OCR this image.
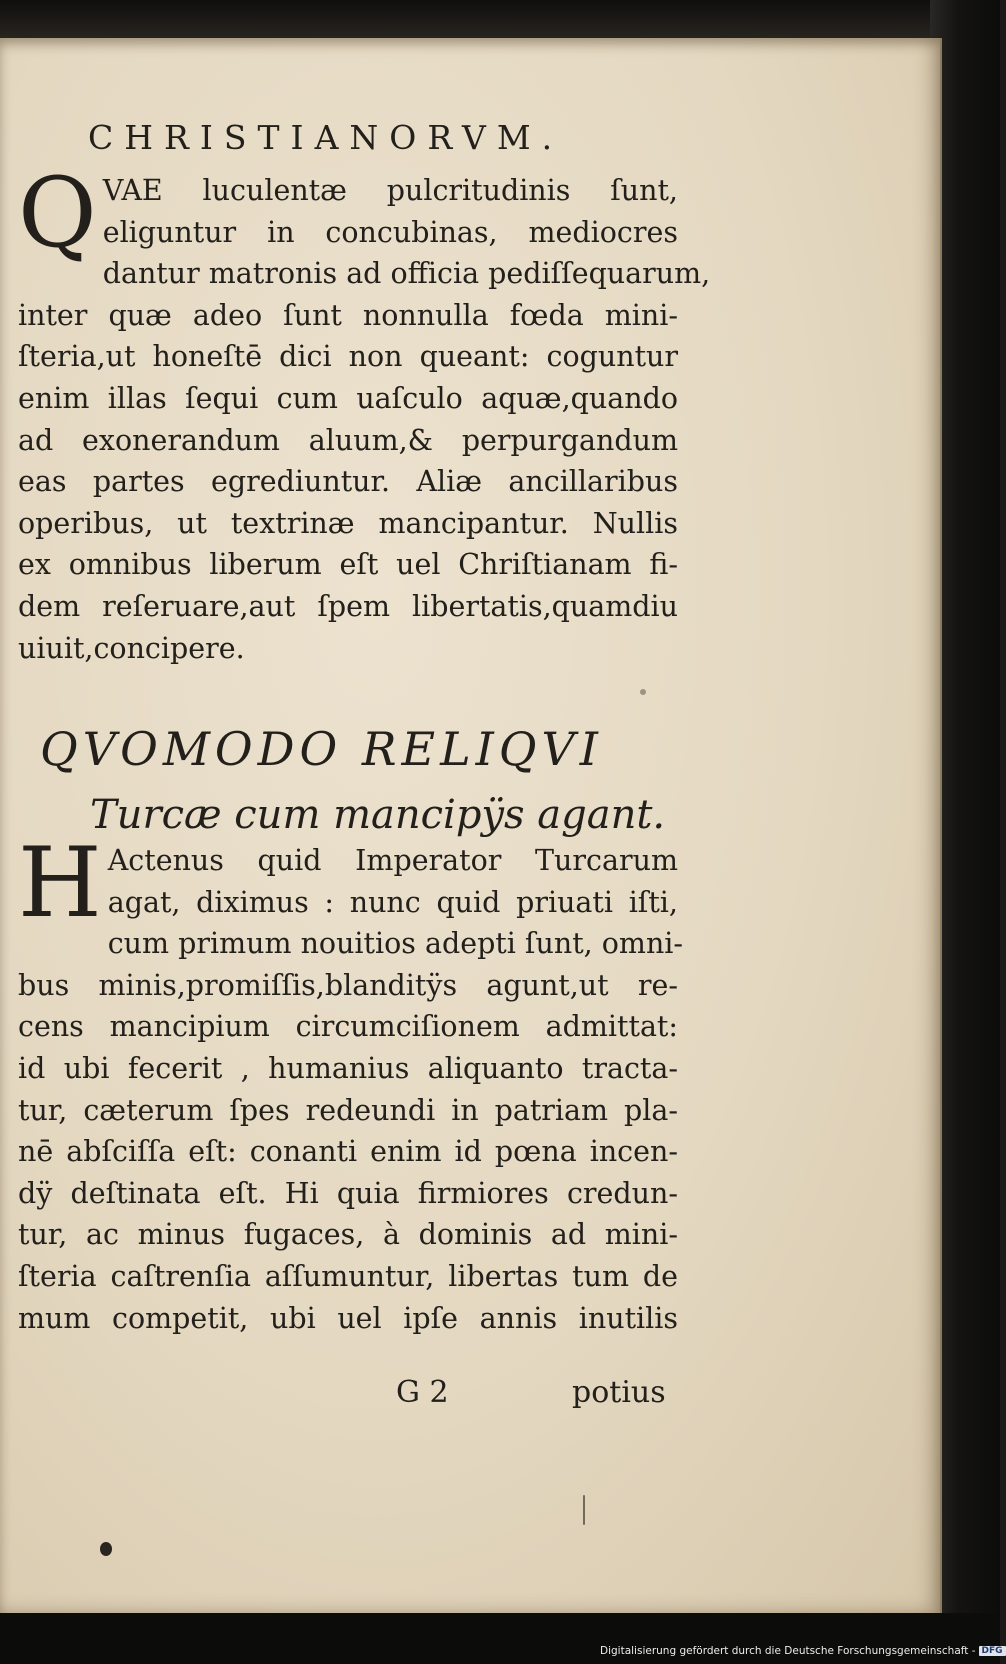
CHRISTIANORVM.
Q VAE luculentæ pulcritudinis ſunt,
eliguntur in concubinas, mediocres
dantur matronis ad officia pediſſequarum,
inter quæ adeo ſunt nonnulla fœda mini-
ſteria,ut honeſtē dici non queant: coguntur
enim illas ſequi cum uaſculo aquæ,quando
ad exonerandum aluum,& perpurgandum
eas partes egrediuntur. Aliæ ancillaribus
operibus, ut textrinæ mancipantur. Nullis
ex omnibus liberum eſt uel Chriſtianam fi-
dem reſeruare,aut ſpem libertatis,quamdiu
uiuit,concipere.
QVOMODO RELIQVI
Turcæ cum mancipÿs agant.
H Actenus quid Imperator Turcarum
agat, diximus : nunc quid priuati iſti,
cum primum nouitios adepti ſunt, omni-
bus minis,promiſſis,blanditÿs agunt,ut re-
cens mancipium circumciſionem admittat:
id ubi fecerit , humanius aliquanto tracta-
tur, cæterum ſpes redeundi in patriam pla-
nē abſciſſa eſt: conanti enim id pœna incen-
dÿ deſtinata eſt. Hi quia firmiores credun-
tur, ac minus fugaces, à dominis ad mini-
ſteria caſtrenſia aſſumuntur, libertas tum de
mum competit, ubi uel ipſe annis inutilis
G 2	potius
Digitalisierung gefördert durch die Deutsche Forschungsgemeinschaft - DFG
